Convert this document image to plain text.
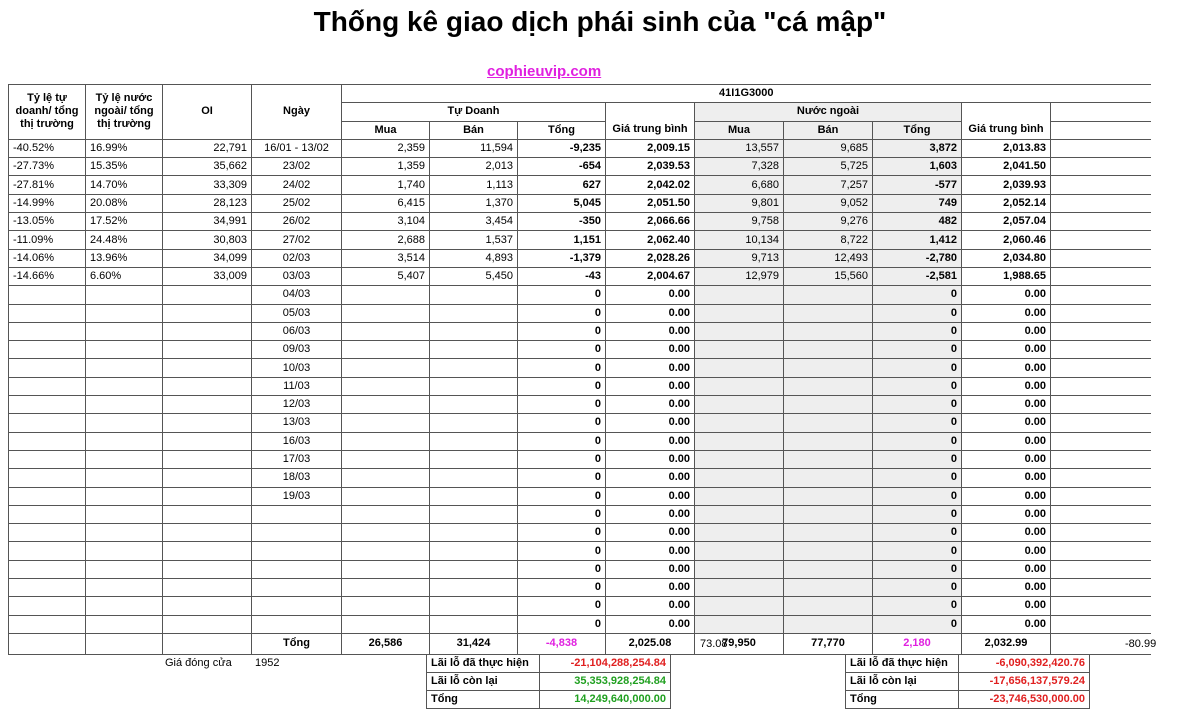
Thống kê giao dịch phái sinh của "cá mập"
cophieuvip.com
Tỷ lệ tự doanh/ tổng thị trường	Tỷ lệ nước ngoài/ tổng thị trường	OI	Ngày	41I1G3000								
				Tự Doanh				Nước ngoài				
				Mua	Bán	Tổng	Giá trung bình	Mua	Bán	Tổng	Giá trung bình	
-40.52%	16.99%	22,791	16/01 - 13/02	2,359	11,594	-9,235	2,009.15	13,557	9,685	3,872	2,013.83	
-27.73%	15.35%	35,662	23/02	1,359	2,013	-654	2,039.53	7,328	5,725	1,603	2,041.50	
-27.81%	14.70%	33,309	24/02	1,740	1,113	627	2,042.02	6,680	7,257	-577	2,039.93	
-14.99%	20.08%	28,123	25/02	6,415	1,370	5,045	2,051.50	9,801	9,052	749	2,052.14	
-13.05%	17.52%	34,991	26/02	3,104	3,454	-350	2,066.66	9,758	9,276	482	2,057.04	
-11.09%	24.48%	30,803	27/02	2,688	1,537	1,151	2,062.40	10,134	8,722	1,412	2,060.46	
-14.06%	13.96%	34,099	02/03	3,514	4,893	-1,379	2,028.26	9,713	12,493	-2,780	2,034.80	
-14.66%	6.60%	33,009	03/03	5,407	5,450	-43	2,004.67	12,979	15,560	-2,581	1,988.65	
			04/03			0	0.00			0	0.00	
			05/03			0	0.00			0	0.00	
			06/03			0	0.00			0	0.00	
			09/03			0	0.00			0	0.00	
			10/03			0	0.00			0	0.00	
			11/03			0	0.00			0	0.00	
			12/03			0	0.00			0	0.00	
			13/03			0	0.00			0	0.00	
			16/03			0	0.00			0	0.00	
			17/03			0	0.00			0	0.00	
			18/03			0	0.00			0	0.00	
			19/03			0	0.00			0	0.00	
						0	0.00			0	0.00	
						0	0.00			0	0.00	
						0	0.00			0	0.00	
						0	0.00			0	0.00	
						0	0.00			0	0.00	
						0	0.00			0	0.00	
						0	0.00			0	0.00	
			Tổng	26,586	31,424	-4,838	2,025.08	79,950	77,770	2,180	2,032.99	
73.08	-80.99
Giá đóng cửa 1952	Lãi lỗ đã thực hiện	-21,104,288,254.84
Lãi lỗ còn lại	35,353,928,254.84
Tổng	14,249,640,000.00
Lãi lỗ đã thực hiện	-6,090,392,420.76
Lãi lỗ còn lại	-17,656,137,579.24
Tổng	-23,746,530,000.00
